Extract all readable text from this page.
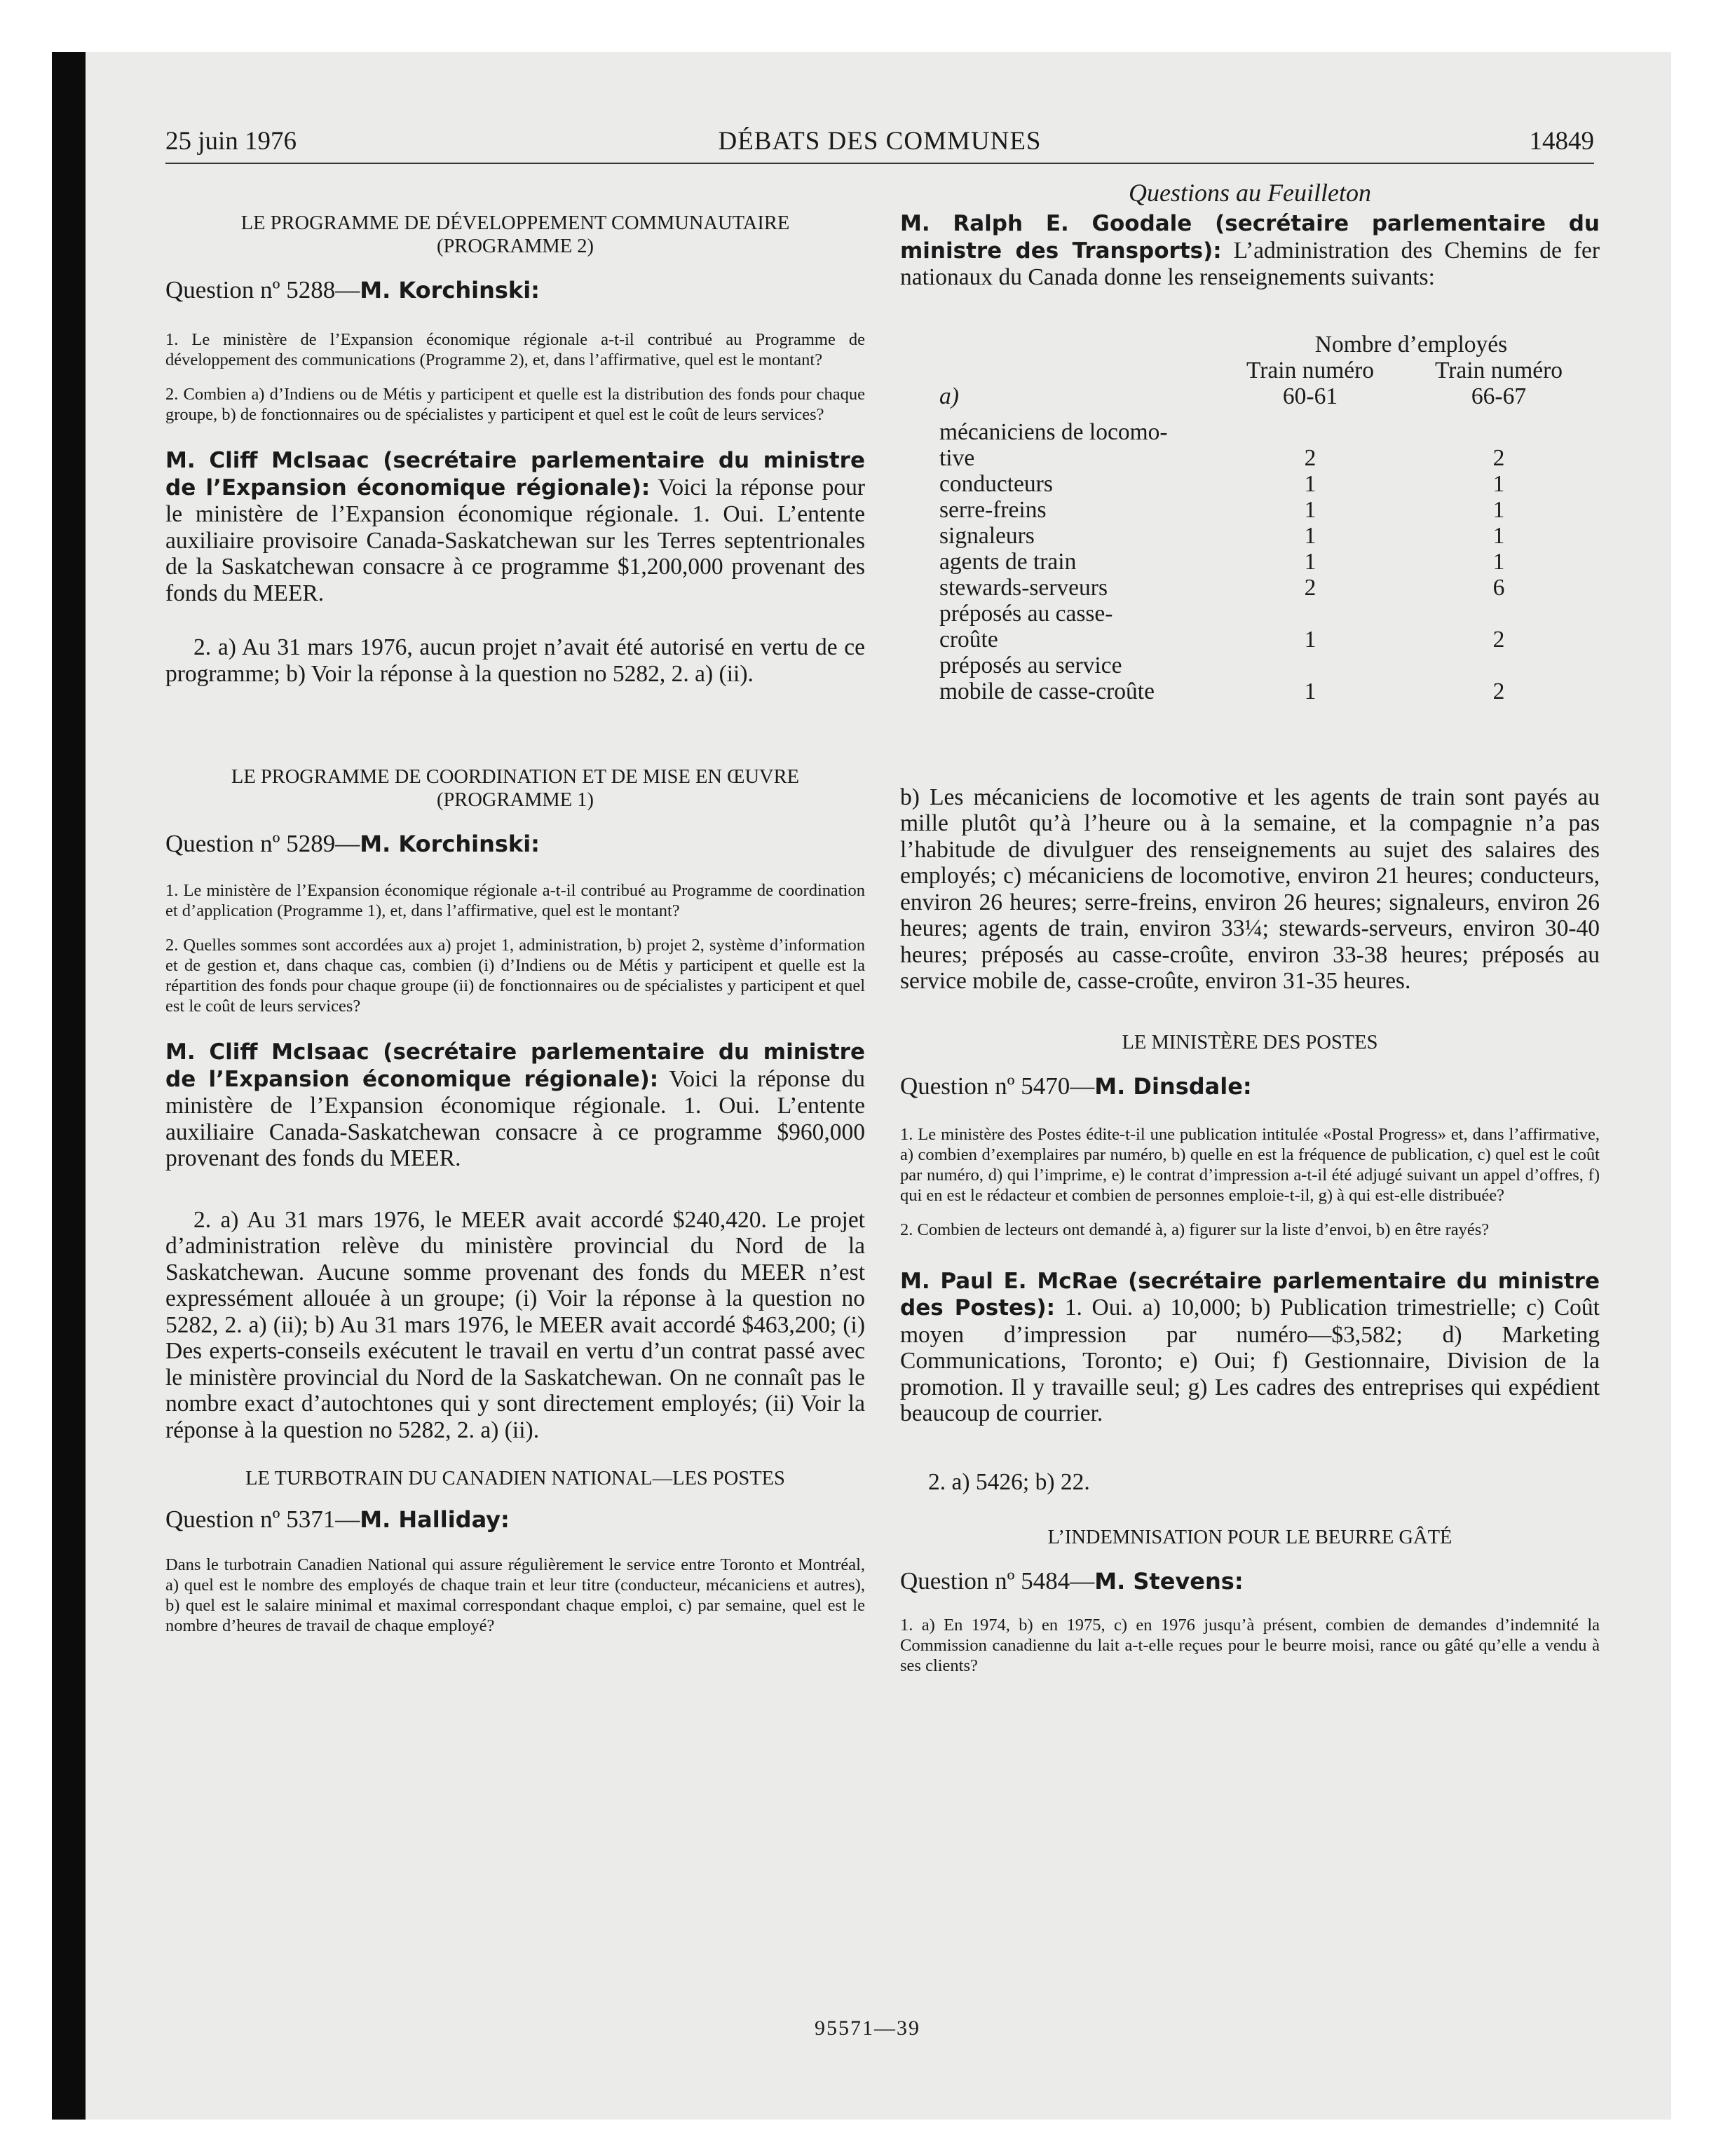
25 juin 1976	DÉBATS DES COMMUNES	14849

LE PROGRAMME DE DÉVELOPPEMENT COMMUNAUTAIRE

(PROGRAMME 2)

Question nº 5288—M. Korchinski:

1. Le ministère de l’Expansion économique régionale a-t-il contribué au Programme de développement des communications (Programme 2), et, dans l’affirmative, quel est le montant?

2. Combien a) d’Indiens ou de Métis y participent et quelle est la distribution des fonds pour chaque groupe, b) de fonctionnaires ou de spécialistes y participent et quel est le coût de leurs services?

M. Cliff McIsaac (secrétaire parlementaire du ministre de l’Expansion économique régionale): Voici la réponse pour le ministère de l’Expansion économique régionale. 1. Oui. L’entente auxiliaire provisoire Canada-Saskatchewan sur les Terres septentrionales de la Saskatchewan consacre à ce programme $1,200,000 provenant des fonds du MEER.

2. a) Au 31 mars 1976, aucun projet n’avait été autorisé en vertu de ce programme; b) Voir la réponse à la question no 5282, 2. a) (ii).

LE PROGRAMME DE COORDINATION ET DE MISE EN ŒUVRE

(PROGRAMME 1)

Question nº 5289—M. Korchinski:

1. Le ministère de l’Expansion économique régionale a-t-il contribué au Programme de coordination et d’application (Programme 1), et, dans l’affirmative, quel est le montant?

2. Quelles sommes sont accordées aux a) projet 1, administration, b) projet 2, système d’information et de gestion et, dans chaque cas, combien (i) d’Indiens ou de Métis y participent et quelle est la répartition des fonds pour chaque groupe (ii) de fonctionnaires ou de spécialistes y participent et quel est le coût de leurs services?

M. Cliff McIsaac (secrétaire parlementaire du ministre de l’Expansion économique régionale): Voici la réponse du ministère de l’Expansion économique régionale. 1. Oui. L’entente auxiliaire Canada-Saskatchewan consacre à ce programme $960,000 provenant des fonds du MEER.

2. a) Au 31 mars 1976, le MEER avait accordé $240,420. Le projet d’administration relève du ministère provincial du Nord de la Saskatchewan. Aucune somme provenant des fonds du MEER n’est expressément allouée à un groupe; (i) Voir la réponse à la question no 5282, 2. a) (ii); b) Au 31 mars 1976, le MEER avait accordé $463,200; (i) Des experts-conseils exécutent le travail en vertu d’un contrat passé avec le ministère provincial du Nord de la Saskatchewan. On ne connaît pas le nombre exact d’autochtones qui y sont directement employés; (ii) Voir la réponse à la question no 5282, 2. a) (ii).

LE TURBOTRAIN DU CANADIEN NATIONAL—LES POSTES

Question nº 5371—M. Halliday:

Dans le turbotrain Canadien National qui assure régulièrement le service entre Toronto et Montréal, a) quel est le nombre des employés de chaque train et leur titre (conducteur, mécaniciens et autres), b) quel est le salaire minimal et maximal correspondant chaque emploi, c) par semaine, quel est le nombre d’heures de travail de chaque employé?

Questions au Feuilleton

M. Ralph E. Goodale (secrétaire parlementaire du ministre des Transports): L’administration des Chemins de fer nationaux du Canada donne les renseignements suivants:

	Nombre d’employés	
	Train numéro	Train numéro
a)	60-61	66-67

mécaniciens de locomo-		
tive	2	2
conducteurs	1	1
serre-freins	1	1
signaleurs	1	1
agents de train	1	1
stewards-serveurs	2	6
préposés au casse-		
croûte	1	2
préposés au service		
mobile de casse-croûte	1	2

b) Les mécaniciens de locomotive et les agents de train sont payés au mille plutôt qu’à l’heure ou à la semaine, et la compagnie n’a pas l’habitude de divulguer des renseignements au sujet des salaires des employés; c) mécaniciens de locomotive, environ 21 heures; conducteurs, environ 26 heures; serre-freins, environ 26 heures; signaleurs, environ 26 heures; agents de train, environ 33¼; stewards-serveurs, environ 30-40 heures; préposés au casse-croûte, environ 33-38 heures; préposés au service mobile de, casse-croûte, environ 31-35 heures.

LE MINISTÈRE DES POSTES

Question nº 5470—M. Dinsdale:

1. Le ministère des Postes édite-t-il une publication intitulée «Postal Progress» et, dans l’affirmative, a) combien d’exemplaires par numéro, b) quelle en est la fréquence de publication, c) quel est le coût par numéro, d) qui l’imprime, e) le contrat d’impression a-t-il été adjugé suivant un appel d’offres, f) qui en est le rédacteur et combien de personnes emploie-t-il, g) à qui est-elle distribuée?

2. Combien de lecteurs ont demandé à, a) figurer sur la liste d’envoi, b) en être rayés?

M. Paul E. McRae (secrétaire parlementaire du ministre des Postes): 1. Oui. a) 10,000; b) Publication trimestrielle; c) Coût moyen d’impression par numéro—$3,582; d) Marketing Communications, Toronto; e) Oui; f) Gestionnaire, Division de la promotion. Il y travaille seul; g) Les cadres des entreprises qui expédient beaucoup de courrier.

2. a) 5426; b) 22.

L’INDEMNISATION POUR LE BEURRE GÂTÉ

Question nº 5484—M. Stevens:

1. a) En 1974, b) en 1975, c) en 1976 jusqu’à présent, combien de demandes d’indemnité la Commission canadienne du lait a-t-elle reçues pour le beurre moisi, rance ou gâté qu’elle a vendu à ses clients?

95571—39
